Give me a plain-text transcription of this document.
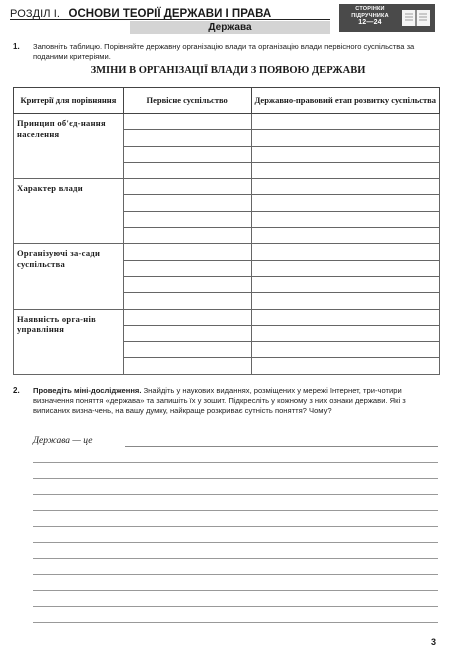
РОЗДІЛ І. ОСНОВИ ТЕОРІЇ ДЕРЖАВИ І ПРАВА
Держава
СТОРІНКИ
ПІДРУЧНИКА
12—24
1. Заповніть таблицю. Порівняйте державну організацію влади та організацію влади первісного суспільства за поданими критеріями.
ЗМІНИ В ОРГАНІЗАЦІЇ ВЛАДИ З ПОЯВОЮ ДЕРЖАВИ
Критерії для порівняння	Первісне суспільство	Державно-правовий етап розвитку суспільства
Принцип об'єд-нання населення		

Характер влади		

Організуючі за-сади суспільства		

Наявність орга-нів управління		

2. Проведіть міні-дослідження. Знайдіть у наукових виданнях, розміщених у мережі Інтернет, три-чотири визначення поняття «держава» та запишіть їх у зошит. Підкресліть у кожному з них ознаки держави. Які з виписаних визна-чень, на вашу думку, найкраще розкриває сутність поняття? Чому?
Держава — це
3
